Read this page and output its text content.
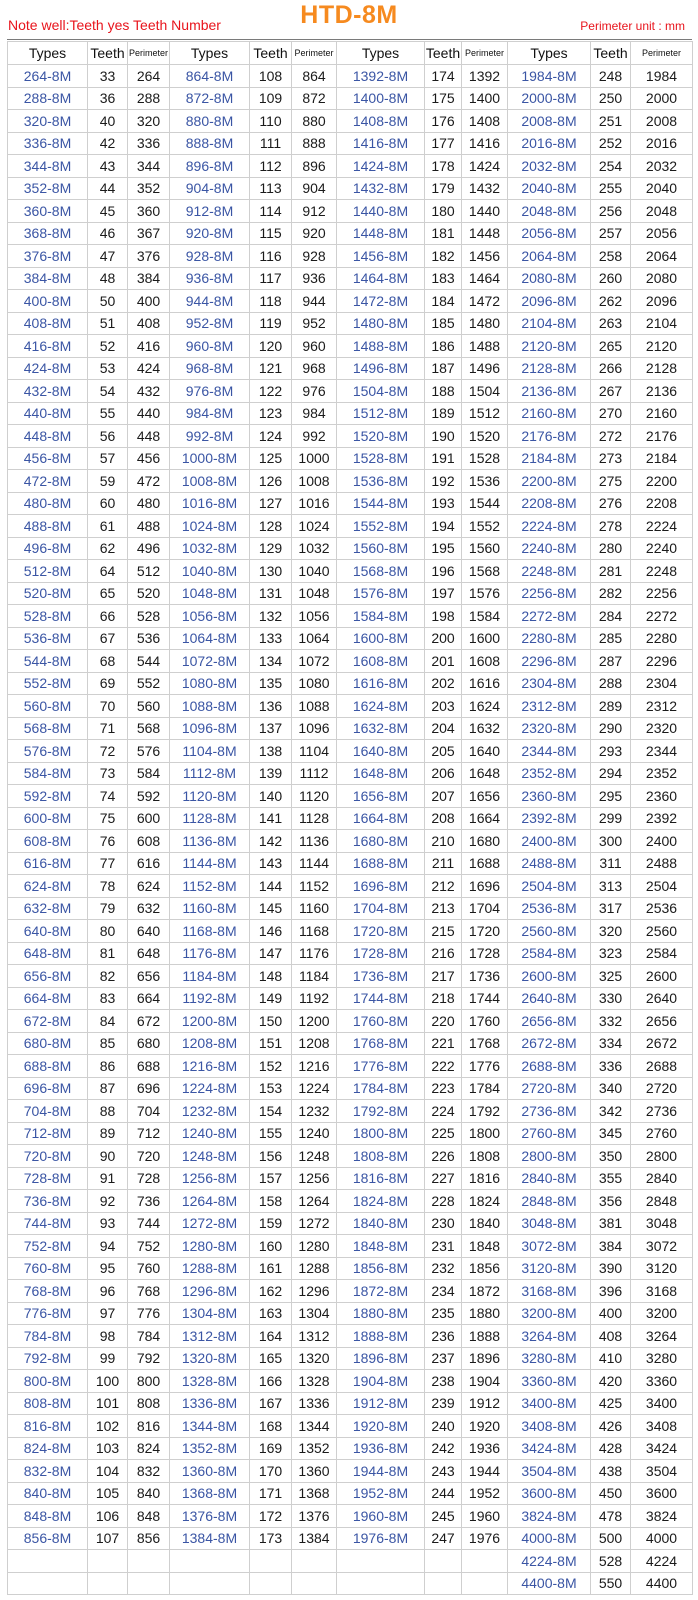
Note well:Teeth yes Teeth Number	HTD-8M	Perimeter unit : mm
Types	Teeth	Perimeter	Types	Teeth	Perimeter	Types	Teeth	Perimeter	Types	Teeth	Perimeter
264-8M	33	264	864-8M	108	864	1392-8M	174	1392	1984-8M	248	1984
288-8M	36	288	872-8M	109	872	1400-8M	175	1400	2000-8M	250	2000
320-8M	40	320	880-8M	110	880	1408-8M	176	1408	2008-8M	251	2008
336-8M	42	336	888-8M	111	888	1416-8M	177	1416	2016-8M	252	2016
344-8M	43	344	896-8M	112	896	1424-8M	178	1424	2032-8M	254	2032
352-8M	44	352	904-8M	113	904	1432-8M	179	1432	2040-8M	255	2040
360-8M	45	360	912-8M	114	912	1440-8M	180	1440	2048-8M	256	2048
368-8M	46	367	920-8M	115	920	1448-8M	181	1448	2056-8M	257	2056
376-8M	47	376	928-8M	116	928	1456-8M	182	1456	2064-8M	258	2064
384-8M	48	384	936-8M	117	936	1464-8M	183	1464	2080-8M	260	2080
400-8M	50	400	944-8M	118	944	1472-8M	184	1472	2096-8M	262	2096
408-8M	51	408	952-8M	119	952	1480-8M	185	1480	2104-8M	263	2104
416-8M	52	416	960-8M	120	960	1488-8M	186	1488	2120-8M	265	2120
424-8M	53	424	968-8M	121	968	1496-8M	187	1496	2128-8M	266	2128
432-8M	54	432	976-8M	122	976	1504-8M	188	1504	2136-8M	267	2136
440-8M	55	440	984-8M	123	984	1512-8M	189	1512	2160-8M	270	2160
448-8M	56	448	992-8M	124	992	1520-8M	190	1520	2176-8M	272	2176
456-8M	57	456	1000-8M	125	1000	1528-8M	191	1528	2184-8M	273	2184
472-8M	59	472	1008-8M	126	1008	1536-8M	192	1536	2200-8M	275	2200
480-8M	60	480	1016-8M	127	1016	1544-8M	193	1544	2208-8M	276	2208
488-8M	61	488	1024-8M	128	1024	1552-8M	194	1552	2224-8M	278	2224
496-8M	62	496	1032-8M	129	1032	1560-8M	195	1560	2240-8M	280	2240
512-8M	64	512	1040-8M	130	1040	1568-8M	196	1568	2248-8M	281	2248
520-8M	65	520	1048-8M	131	1048	1576-8M	197	1576	2256-8M	282	2256
528-8M	66	528	1056-8M	132	1056	1584-8M	198	1584	2272-8M	284	2272
536-8M	67	536	1064-8M	133	1064	1600-8M	200	1600	2280-8M	285	2280
544-8M	68	544	1072-8M	134	1072	1608-8M	201	1608	2296-8M	287	2296
552-8M	69	552	1080-8M	135	1080	1616-8M	202	1616	2304-8M	288	2304
560-8M	70	560	1088-8M	136	1088	1624-8M	203	1624	2312-8M	289	2312
568-8M	71	568	1096-8M	137	1096	1632-8M	204	1632	2320-8M	290	2320
576-8M	72	576	1104-8M	138	1104	1640-8M	205	1640	2344-8M	293	2344
584-8M	73	584	1112-8M	139	1112	1648-8M	206	1648	2352-8M	294	2352
592-8M	74	592	1120-8M	140	1120	1656-8M	207	1656	2360-8M	295	2360
600-8M	75	600	1128-8M	141	1128	1664-8M	208	1664	2392-8M	299	2392
608-8M	76	608	1136-8M	142	1136	1680-8M	210	1680	2400-8M	300	2400
616-8M	77	616	1144-8M	143	1144	1688-8M	211	1688	2488-8M	311	2488
624-8M	78	624	1152-8M	144	1152	1696-8M	212	1696	2504-8M	313	2504
632-8M	79	632	1160-8M	145	1160	1704-8M	213	1704	2536-8M	317	2536
640-8M	80	640	1168-8M	146	1168	1720-8M	215	1720	2560-8M	320	2560
648-8M	81	648	1176-8M	147	1176	1728-8M	216	1728	2584-8M	323	2584
656-8M	82	656	1184-8M	148	1184	1736-8M	217	1736	2600-8M	325	2600
664-8M	83	664	1192-8M	149	1192	1744-8M	218	1744	2640-8M	330	2640
672-8M	84	672	1200-8M	150	1200	1760-8M	220	1760	2656-8M	332	2656
680-8M	85	680	1208-8M	151	1208	1768-8M	221	1768	2672-8M	334	2672
688-8M	86	688	1216-8M	152	1216	1776-8M	222	1776	2688-8M	336	2688
696-8M	87	696	1224-8M	153	1224	1784-8M	223	1784	2720-8M	340	2720
704-8M	88	704	1232-8M	154	1232	1792-8M	224	1792	2736-8M	342	2736
712-8M	89	712	1240-8M	155	1240	1800-8M	225	1800	2760-8M	345	2760
720-8M	90	720	1248-8M	156	1248	1808-8M	226	1808	2800-8M	350	2800
728-8M	91	728	1256-8M	157	1256	1816-8M	227	1816	2840-8M	355	2840
736-8M	92	736	1264-8M	158	1264	1824-8M	228	1824	2848-8M	356	2848
744-8M	93	744	1272-8M	159	1272	1840-8M	230	1840	3048-8M	381	3048
752-8M	94	752	1280-8M	160	1280	1848-8M	231	1848	3072-8M	384	3072
760-8M	95	760	1288-8M	161	1288	1856-8M	232	1856	3120-8M	390	3120
768-8M	96	768	1296-8M	162	1296	1872-8M	234	1872	3168-8M	396	3168
776-8M	97	776	1304-8M	163	1304	1880-8M	235	1880	3200-8M	400	3200
784-8M	98	784	1312-8M	164	1312	1888-8M	236	1888	3264-8M	408	3264
792-8M	99	792	1320-8M	165	1320	1896-8M	237	1896	3280-8M	410	3280
800-8M	100	800	1328-8M	166	1328	1904-8M	238	1904	3360-8M	420	3360
808-8M	101	808	1336-8M	167	1336	1912-8M	239	1912	3400-8M	425	3400
816-8M	102	816	1344-8M	168	1344	1920-8M	240	1920	3408-8M	426	3408
824-8M	103	824	1352-8M	169	1352	1936-8M	242	1936	3424-8M	428	3424
832-8M	104	832	1360-8M	170	1360	1944-8M	243	1944	3504-8M	438	3504
840-8M	105	840	1368-8M	171	1368	1952-8M	244	1952	3600-8M	450	3600
848-8M	106	848	1376-8M	172	1376	1960-8M	245	1960	3824-8M	478	3824
856-8M	107	856	1384-8M	173	1384	1976-8M	247	1976	4000-8M	500	4000
									4224-8M	528	4224
									4400-8M	550	4400
